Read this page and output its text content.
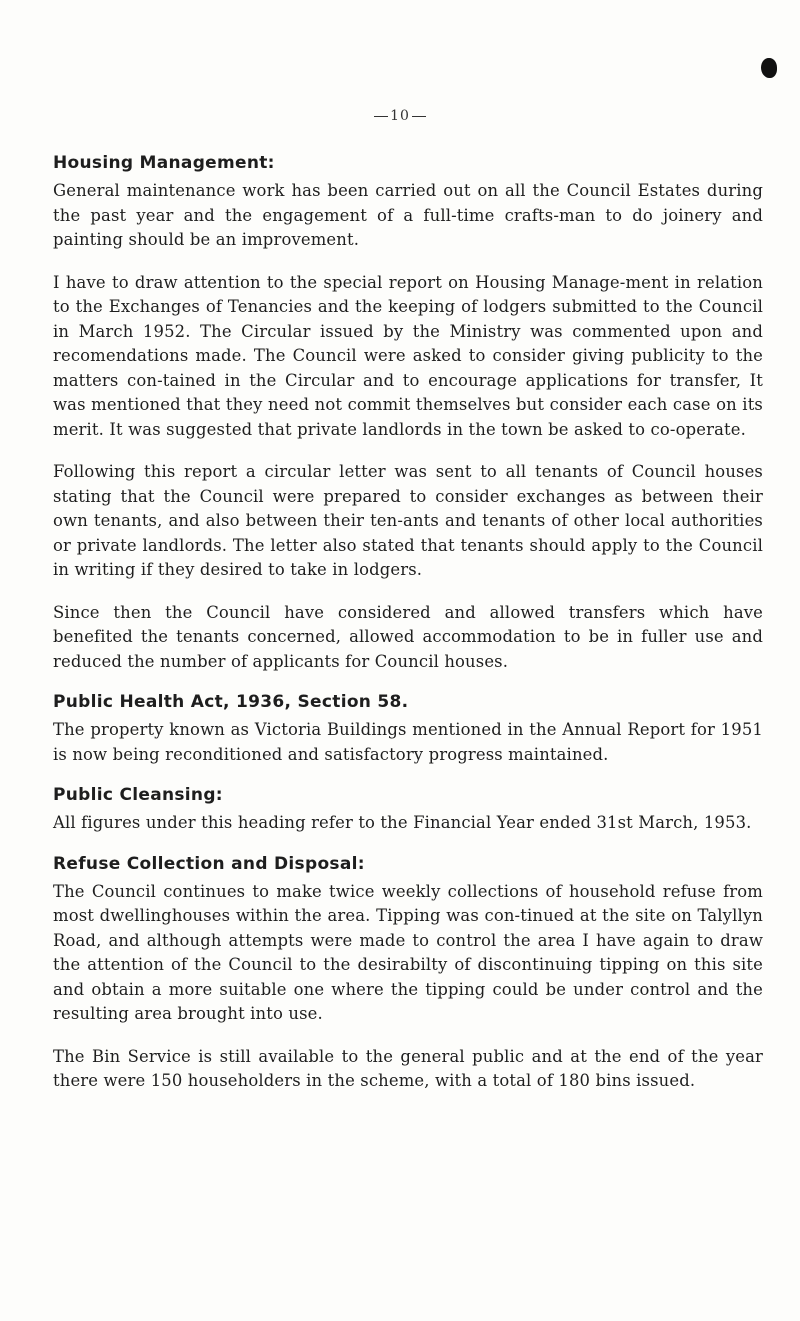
10
Housing Management:

General maintenance work has been carried out on all the Council Estates during the past year and the engagement of a full-time crafts-man to do joinery and painting should be an improvement.

I have to draw attention to the special report on Housing Manage-ment in relation to the Exchanges of Tenancies and the keeping of lodgers submitted to the Council in March 1952. The Circular issued by the Ministry was commented upon and recomendations made. The Council were asked to consider giving publicity to the matters con-tained in the Circular and to encourage applications for transfer, It was mentioned that they need not commit themselves but consider each case on its merit. It was suggested that private landlords in the town be asked to co-operate.

Following this report a circular letter was sent to all tenants of Council houses stating that the Council were prepared to consider exchanges as between their own tenants, and also between their ten-ants and tenants of other local authorities or private landlords. The letter also stated that tenants should apply to the Council in writing if they desired to take in lodgers.

Since then the Council have considered and allowed transfers which have benefited the tenants concerned, allowed accommodation to be in fuller use and reduced the number of applicants for Council houses.

Public Health Act, 1936, Section 58.

The property known as Victoria Buildings mentioned in the Annual Report for 1951 is now being reconditioned and satisfactory progress maintained.

Public Cleansing:

All figures under this heading refer to the Financial Year ended 31st March, 1953.

Refuse Collection and Disposal:

The Council continues to make twice weekly collections of household refuse from most dwellinghouses within the area. Tipping was con-tinued at the site on Talyllyn Road, and although attempts were made to control the area I have again to draw the attention of the Council to the desirabilty of discontinuing tipping on this site and obtain a more suitable one where the tipping could be under control and the resulting area brought into use.

The Bin Service is still available to the general public and at the end of the year there were 150 householders in the scheme, with a total of 180 bins issued.
